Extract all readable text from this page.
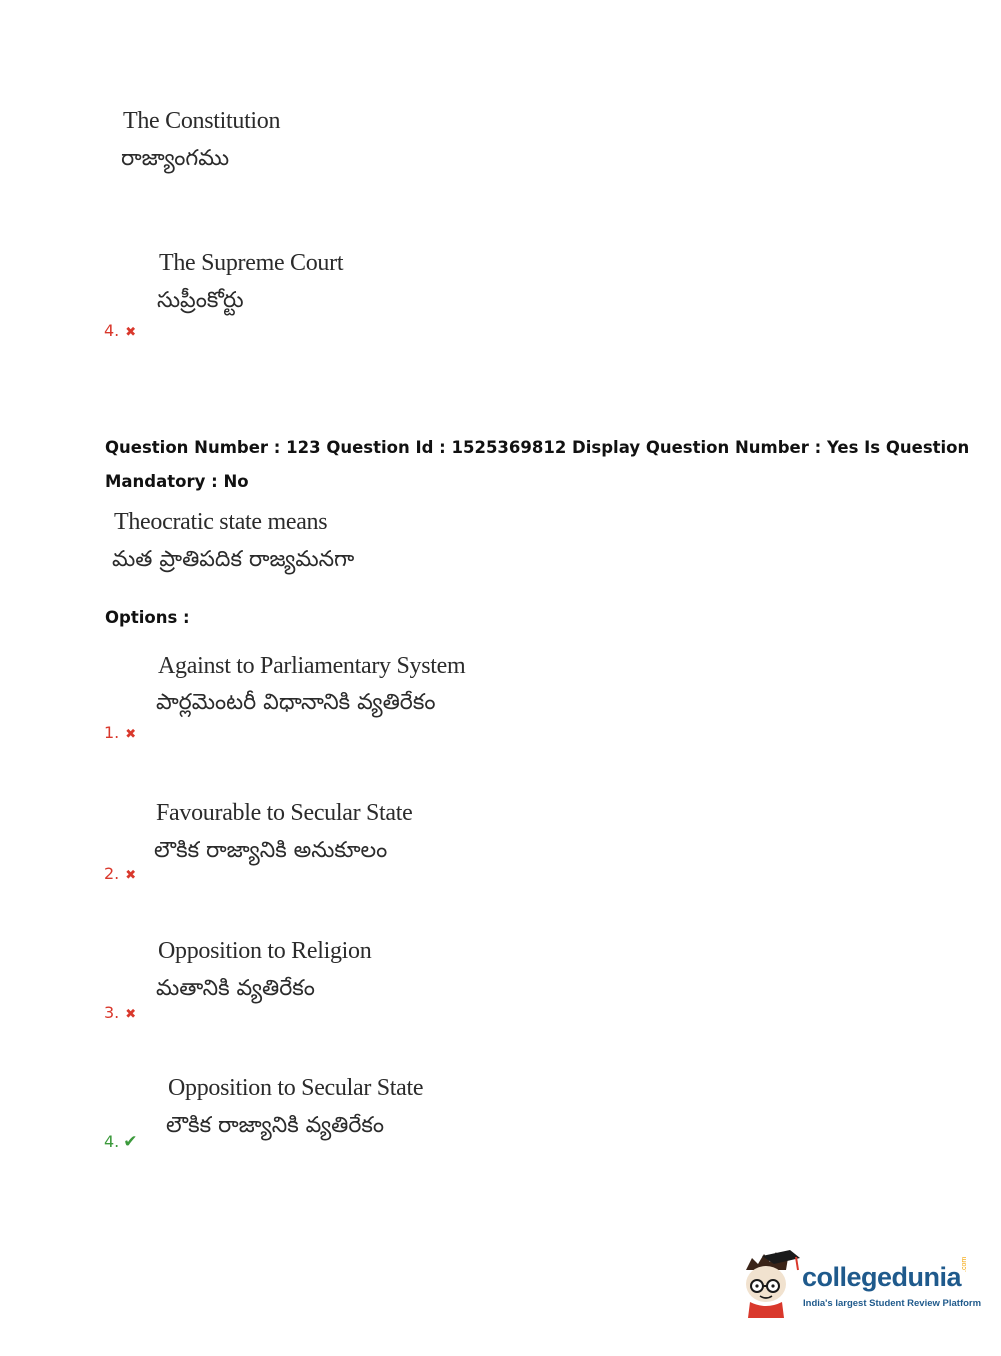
The Constitution
రాజ్యాంగము
The Supreme Court
సుప్రీంకోర్టు
4. ✖
Question Number : 123 Question Id : 1525369812 Display Question Number : Yes Is Question
Mandatory : No
Theocratic state means
మత ప్రాతిపదిక రాజ్యమనగా
Options :
Against to Parliamentary System
పార్లమెంటరీ విధానానికి వ్యతిరేకం
1. ✖
Favourable to Secular State
లౌకిక రాజ్యానికి అనుకూలం
2. ✖
Opposition to Religion
మతానికి వ్యతిరేకం
3. ✖
Opposition to Secular State
లౌకిక రాజ్యానికి వ్యతిరేకం
4. ✔
collegedunia .com
India's largest Student Review Platform
